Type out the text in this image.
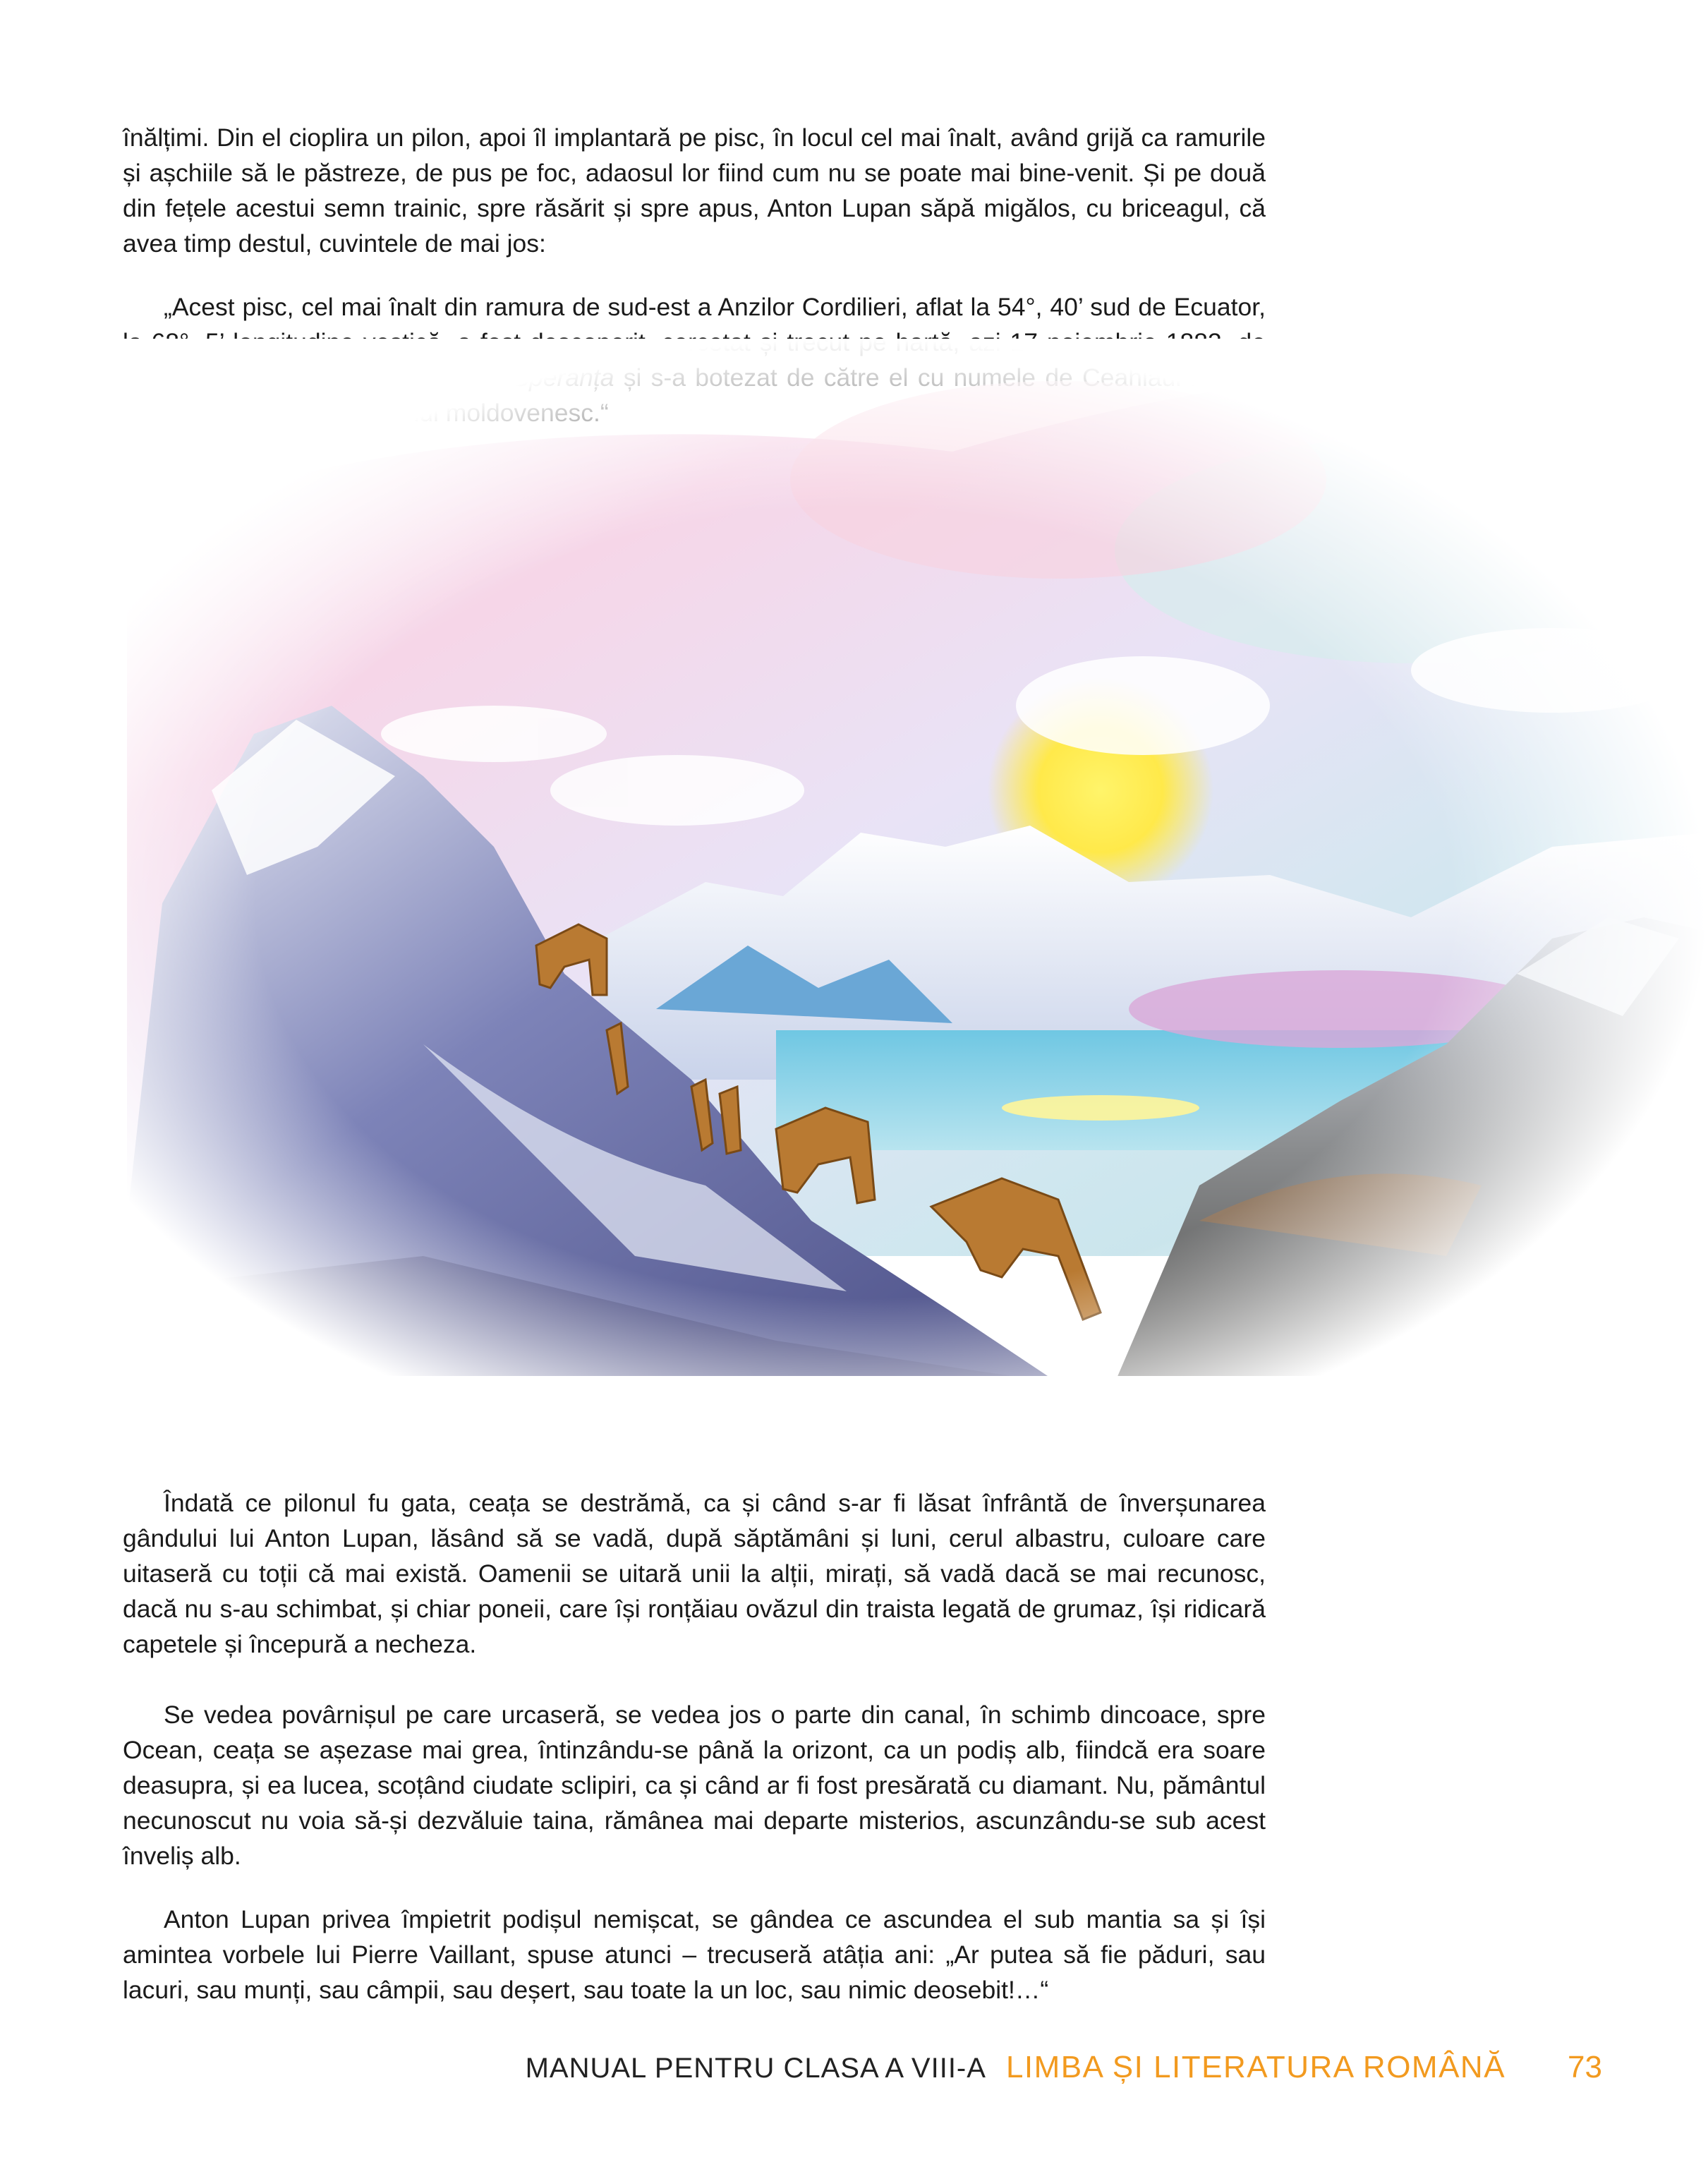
înălțimi. Din el cioplira un pilon, apoi îl implantară pe pisc, în locul cel mai înalt, având grijă ca ramurile și așchiile să le păstreze, de pus pe foc, adaosul lor fiind cum nu se poate mai bine-venit. Și pe două din fețele acestui semn trainic, spre răsărit și spre apus, Anton Lupan săpă migălos, cu briceagul, că avea timp destul, cuvintele de mai jos:

„Acest pisc, cel mai înalt din ramura de sud-est a Anzilor Cordilieri, aflat la 54°, 40’ sud de Ecuator,

Îndată ce pilonul fu gata, ceața se destrămă, ca și când s-ar fi lăsat înfrântă de înverșunarea gândului lui Anton Lupan, lăsând să se vadă, după săptămâni și luni, cerul albastru, culoare care uitaseră cu toții că mai există. Oamenii se uitară unii la alții, mirați, să vadă dacă se mai recunosc, dacă nu s-au schimbat, și chiar poneii, care își ronțăiau ovăzul din traista legată de grumaz, își ridicară capetele și începură a necheza.

Se vedea povârnișul pe care urcaseră, se vedea jos o parte din canal, în schimb dincoace, spre Ocean, ceața se așezase mai grea, întinzându-se până la orizont, ca un podiș alb, fiindcă era soare deasupra, și ea lucea, scoțând ciudate sclipiri, ca și când ar fi fost presărată cu diamant. Nu, pământul necunoscut nu voia să-și dezvăluie taina, rămânea mai departe misterios, ascunzându-se sub acest înveliș alb.

Anton Lupan privea împietrit podișul nemișcat, se gândea ce ascundea el sub mantia sa și își amintea vorbele lui Pierre Vaillant, spuse atunci – trecuseră atâția ani: „Ar putea să fie păduri, sau lacuri, sau munți, sau câmpii, sau deșert, sau toate la un loc, sau nimic deosebit!…“

MANUAL PENTRU CLASA A VIII-A LIMBA ȘI LITERATURA ROMÂNĂ 73
